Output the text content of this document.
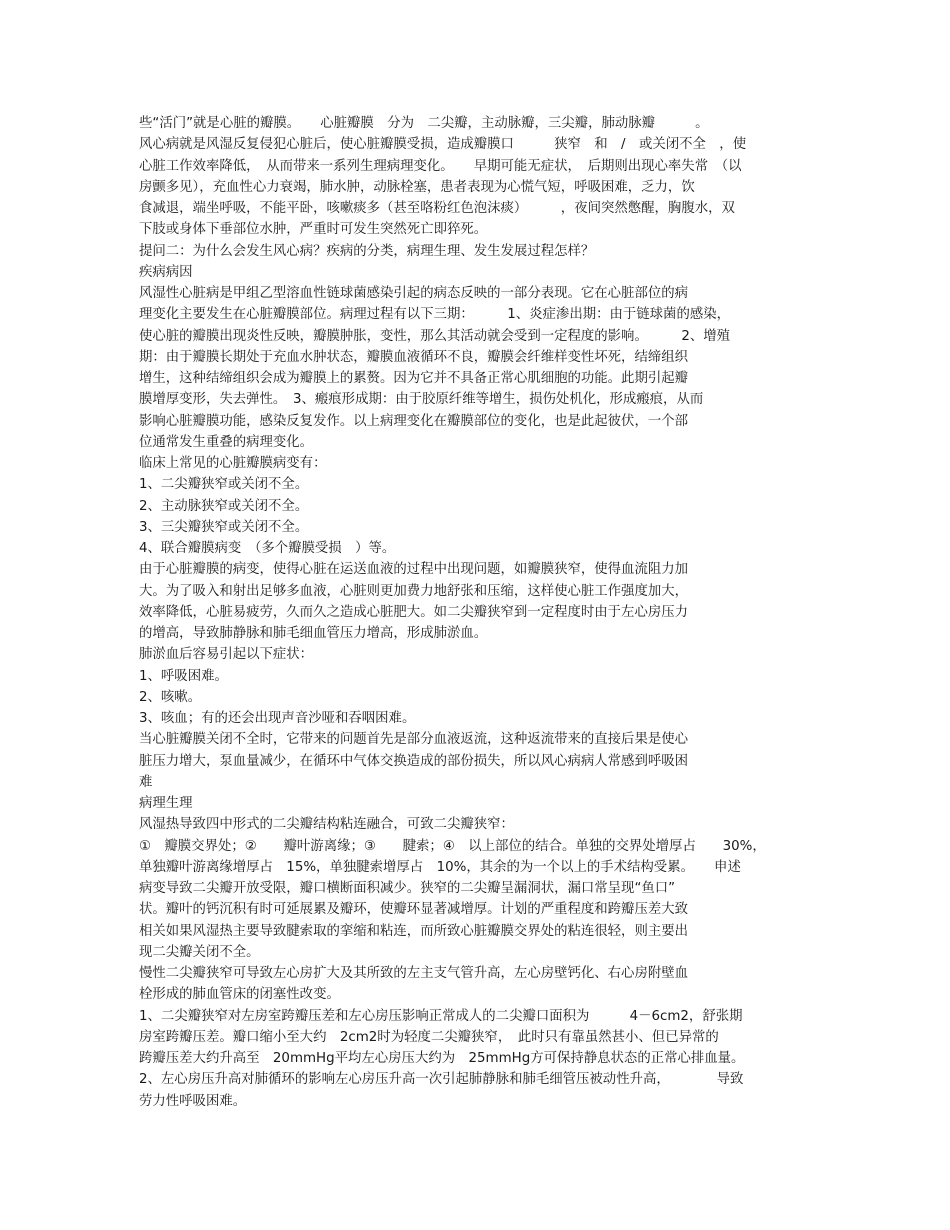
些“活门”就是心脏的瓣膜。　　心脏瓣膜　分为　二尖瓣，主动脉瓣，三尖瓣，肺动脉瓣　　　。
风心病就是风湿反复侵犯心脏后，使心脏瓣膜受损，造成瓣膜口　　　狭窄　和　/　或关闭不全　，使
心脏工作效率降低，　从而带来一系列生理病理变化。　　早期可能无症状，　后期则出现心率失常　（以
房颤多见），充血性心力衰竭，肺水肿，动脉栓塞，患者表现为心慌气短，呼吸困难，乏力，饮
食减退，端坐呼吸，不能平卧，咳嗽痰多（甚至咯粉红色泡沫痰）　　　，夜间突然憋醒，胸腹水，双
下肢或身体下垂部位水肿，严重时可发生突然死亡即猝死。
提问二：为什么会发生风心病？疾病的分类，病理生理、发生发展过程怎样？
疾病病因
风湿性心脏病是甲组乙型溶血性链球菌感染引起的病态反映的一部分表现。它在心脏部位的病
理变化主要发生在心脏瓣膜部位。病理过程有以下三期：　　　1、炎症渗出期：由于链球菌的感染，
使心脏的瓣膜出现炎性反映，瓣膜肿胀，变性，那么其活动就会受到一定程度的影响。　　　2、增殖
期：由于瓣膜长期处于充血水肿状态，瓣膜血液循环不良，瓣膜会纤维样变性坏死，结缔组织
增生，这种结缔组织会成为瓣膜上的累赘。因为它并不具备正常心肌细胞的功能。此期引起瓣
膜增厚变形，失去弹性。　3、瘢痕形成期：由于胶原纤维等增生，损伤处机化，形成瘢痕，从而
影响心脏瓣膜功能，感染反复发作。以上病理变化在瓣膜部位的变化，也是此起彼伏，一个部
位通常发生重叠的病理变化。
临床上常见的心脏瓣膜病变有：
1、二尖瓣狭窄或关闭不全。
2、主动脉狭窄或关闭不全。
3、三尖瓣狭窄或关闭不全。
4、联合瓣膜病变　（多个瓣膜受损　）等。
由于心脏瓣膜的病变，使得心脏在运送血液的过程中出现问题，如瓣膜狭窄，使得血流阻力加
大。为了吸入和射出足够多血液，心脏则更加费力地舒张和压缩，这样使心脏工作强度加大，
效率降低，心脏易疲劳，久而久之造成心脏肥大。如二尖瓣狭窄到一定程度时由于左心房压力
的增高，导致肺静脉和肺毛细血管压力增高，形成肺淤血。
肺淤血后容易引起以下症状：
1、呼吸困难。
2、咳嗽。
3、咳血；有的还会出现声音沙哑和吞咽困难。
当心脏瓣膜关闭不全时，它带来的问题首先是部分血液返流，这种返流带来的直接后果是使心
脏压力增大，泵血量减少，在循环中气体交换造成的部份损失，所以风心病病人常感到呼吸困
难
病理生理
风湿热导致四中形式的二尖瓣结构粘连融合，可致二尖瓣狭窄：
①　瓣膜交界处；②　　瓣叶游离缘；③　　腱索；④　以上部位的结合。单独的交界处增厚占　　30%，
单独瓣叶游离缘增厚占　15%，单独腱索增厚占　10%，其余的为一个以上的手术结构受累。　　申述
病变导致二尖瓣开放受限，瓣口横断面积减少。狭窄的二尖瓣呈漏洞状，漏口常呈现“鱼口”
状。瓣叶的钙沉积有时可延展累及瓣环，使瓣环显著减增厚。计划的严重程度和跨瓣压差大致
相关如果风湿热主要导致腱索取的挛缩和粘连，而所致心脏瓣膜交界处的粘连很轻，则主要出
现二尖瓣关闭不全。
慢性二尖瓣狭窄可导致左心房扩大及其所致的左主支气管升高，左心房壁钙化、右心房附壁血
栓形成的肺血管床的闭塞性改变。
1、二尖瓣狭窄对左房室跨瓣压差和左心房压影响正常成人的二尖瓣口面积为　　　4－6cm2，舒张期
房室跨瓣压差。瓣口缩小至大约　2cm2时为轻度二尖瓣狭窄，　此时只有靠虽然甚小、但已异常的
跨瓣压差大约升高至　20mmHg平均左心房压大约为　25mmHg方可保持静息状态的正常心排血量。
2、左心房压升高对肺循环的影响左心房压升高一次引起肺静脉和肺毛细管压被动性升高，　　　　导致
劳力性呼吸困难。
